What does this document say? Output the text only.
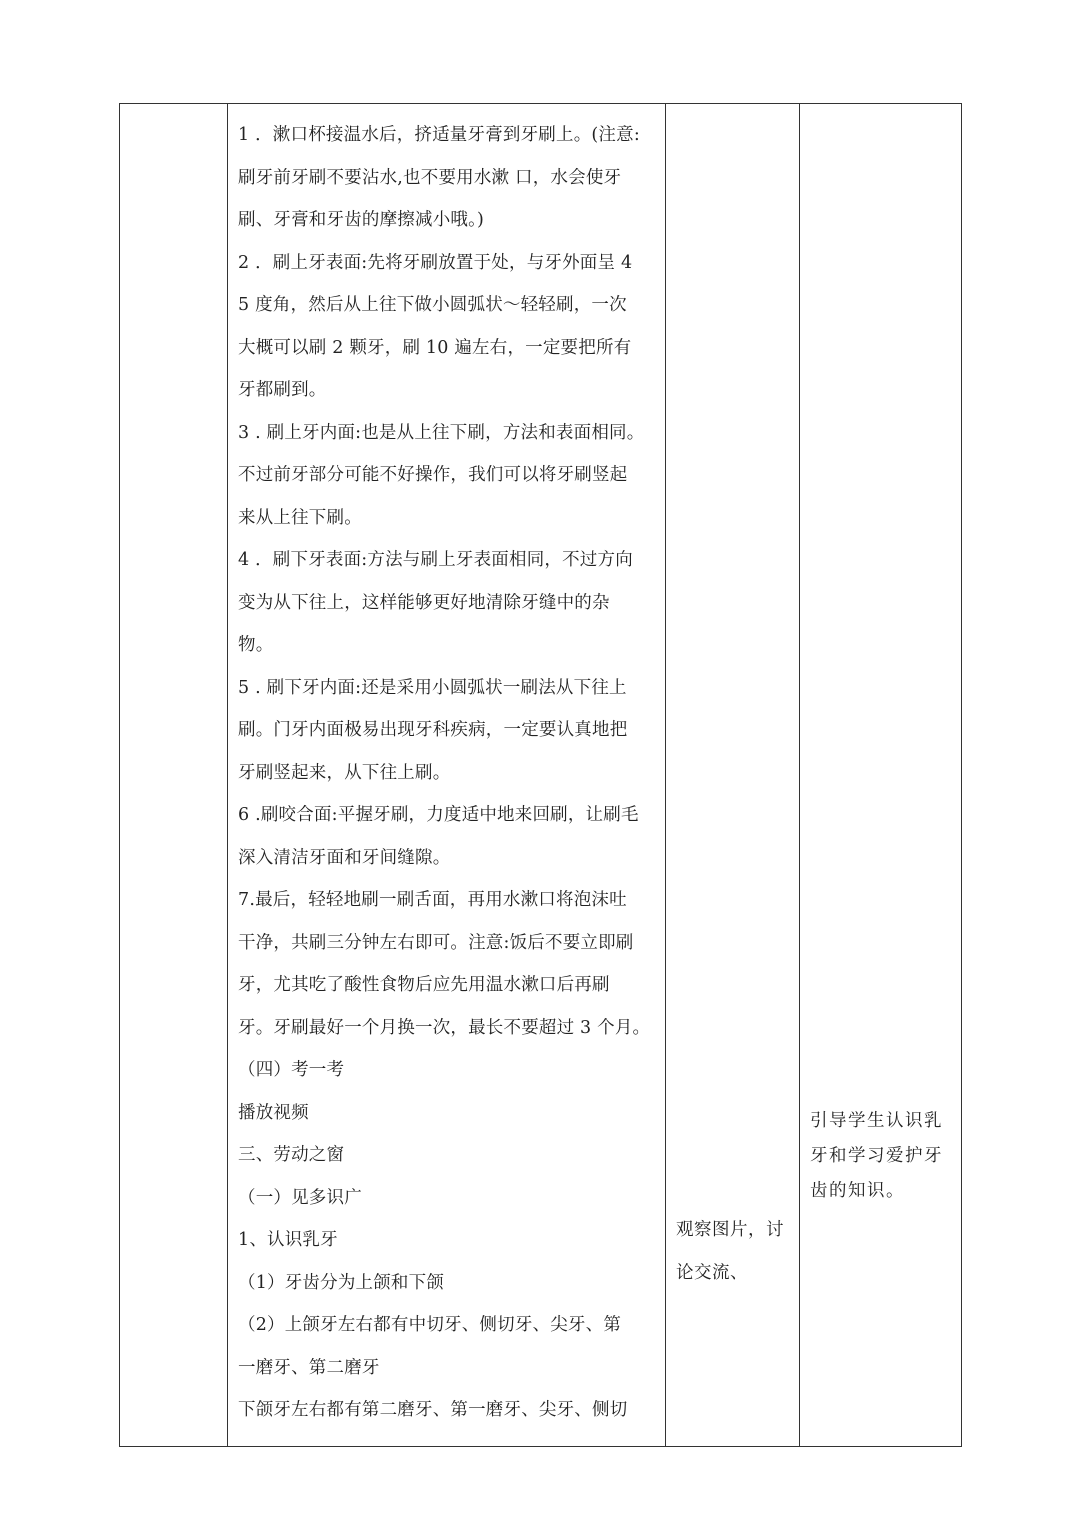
1 ．漱口杯接温水后，挤适量牙膏到牙刷上。(注意:
刷牙前牙刷不要沾水,也不要用水漱 口，水会使牙
刷、牙膏和牙齿的摩擦减小哦。)
2 ．刷上牙表面:先将牙刷放置于处，与牙外面呈 4
5 度角，然后从上往下做小圆弧状～轻轻刷，一次
大概可以刷 2 颗牙，刷 10 遍左右，一定要把所有
牙都刷到。
3 . 刷上牙内面:也是从上往下刷，方法和表面相同。
不过前牙部分可能不好操作，我们可以将牙刷竖起
来从上往下刷。
4 ．刷下牙表面:方法与刷上牙表面相同，不过方向
变为从下往上，这样能够更好地清除牙缝中的杂
物。
5 . 刷下牙内面:还是采用小圆弧状一刷法从下往上
刷。门牙内面极易出现牙科疾病，一定要认真地把
牙刷竖起来，从下往上刷。
6 .刷咬合面:平握牙刷，力度适中地来回刷，让刷毛
深入清洁牙面和牙间缝隙。
7.最后，轻轻地刷一刷舌面，再用水漱口将泡沫吐
干净，共刷三分钟左右即可。注意:饭后不要立即刷
牙，尤其吃了酸性食物后应先用温水漱口后再刷
牙。牙刷最好一个月换一次，最长不要超过 3 个月。
（四）考一考
播放视频
三、劳动之窗
（一）见多识广
1、认识乳牙
（1）牙齿分为上颌和下颌
（2）上颌牙左右都有中切牙、侧切牙、尖牙、第
一磨牙、第二磨牙
下颌牙左右都有第二磨牙、第一磨牙、尖牙、侧切
引导学生认识乳
牙和学习爱护牙
齿的知识。
观察图片，讨
论交流、
